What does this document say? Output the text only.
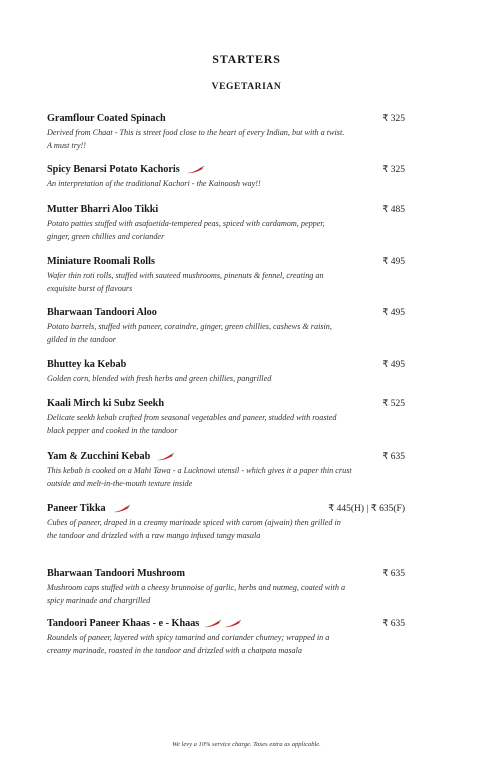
STARTERS
VEGETARIAN
Gramflour Coated Spinach	₹ 325
Derived from Chaat - This is street food close to the heart of every Indian, but with a twist. A must try!!
Spicy Benarsi Potato Kachoris	₹ 325
An interpretation of the traditional Kachori - the Kainoosh way!!
Mutter Bharri Aloo Tikki	₹ 485
Potato patties stuffed with asafoetida-tempered peas, spiced with cardamom, pepper, ginger, green chillies and coriander
Miniature Roomali Rolls	₹ 495
Wafer thin roti rolls, stuffed with sauteed mushrooms, pinenuts & fennel, creating an exquisite burst of flavours
Bharwaan Tandoori Aloo	₹ 495
Potato barrels, stuffed with paneer, coraindre, ginger, green chillies, cashews & raisin, gilded in the tandoor
Bhuttey ka Kebab	₹ 495
Golden corn, blended with fresh herbs and green chillies, pangrilled
Kaali Mirch ki Subz Seekh	₹ 525
Delicate seekh kebab crafted from seasonal vegetables and paneer, studded with roasted black pepper and cooked in the tandoor
Yam & Zucchini Kebab	₹ 635
This kebab is cooked on a Mahi Tawa - a Lucknowi utensil - which gives it a paper thin crust outside and melt-in-the-mouth texture inside
Paneer Tikka	₹ 445(H) | ₹ 635(F)
Cubes of paneer, draped in a creamy marinade spiced with carom (ajwain) then grilled in the tandoor and drizzled with a raw mango infused tangy masala
Bharwaan Tandoori Mushroom	₹ 635
Mushroom caps stuffed with a cheesy brunnoise of garlic, herbs and nutmeg, coated with a spicy marinade and chargrilled
Tandoori Paneer Khaas - e - Khaas	₹ 635
Roundels of paneer, layered with spicy tamarind and coriander chutney; wrapped in a creamy marinade, roasted in the tandoor and drizzled with a chatpata masala
We levy a 10% service charge. Taxes extra as applicable.
